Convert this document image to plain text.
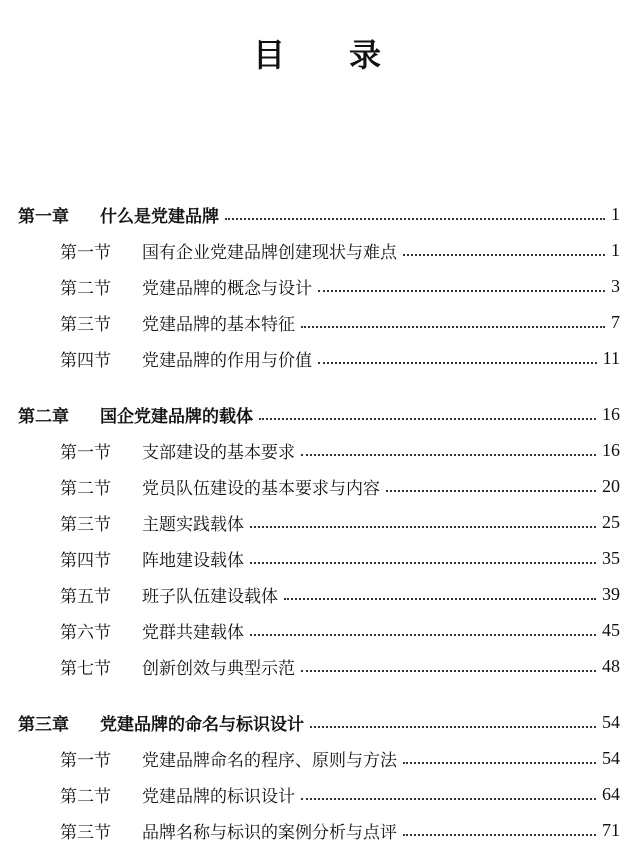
目 录
第一章	什么是党建品牌	1
第一节	国有企业党建品牌创建现状与难点	1
第二节	党建品牌的概念与设计	3
第三节	党建品牌的基本特征	7
第四节	党建品牌的作用与价值	11
第二章	国企党建品牌的载体	16
第一节	支部建设的基本要求	16
第二节	党员队伍建设的基本要求与内容	20
第三节	主题实践载体	25
第四节	阵地建设载体	35
第五节	班子队伍建设载体	39
第六节	党群共建载体	45
第七节	创新创效与典型示范	48
第三章	党建品牌的命名与标识设计	54
第一节	党建品牌命名的程序、原则与方法	54
第二节	党建品牌的标识设计	64
第三节	品牌名称与标识的案例分析与点评	71
